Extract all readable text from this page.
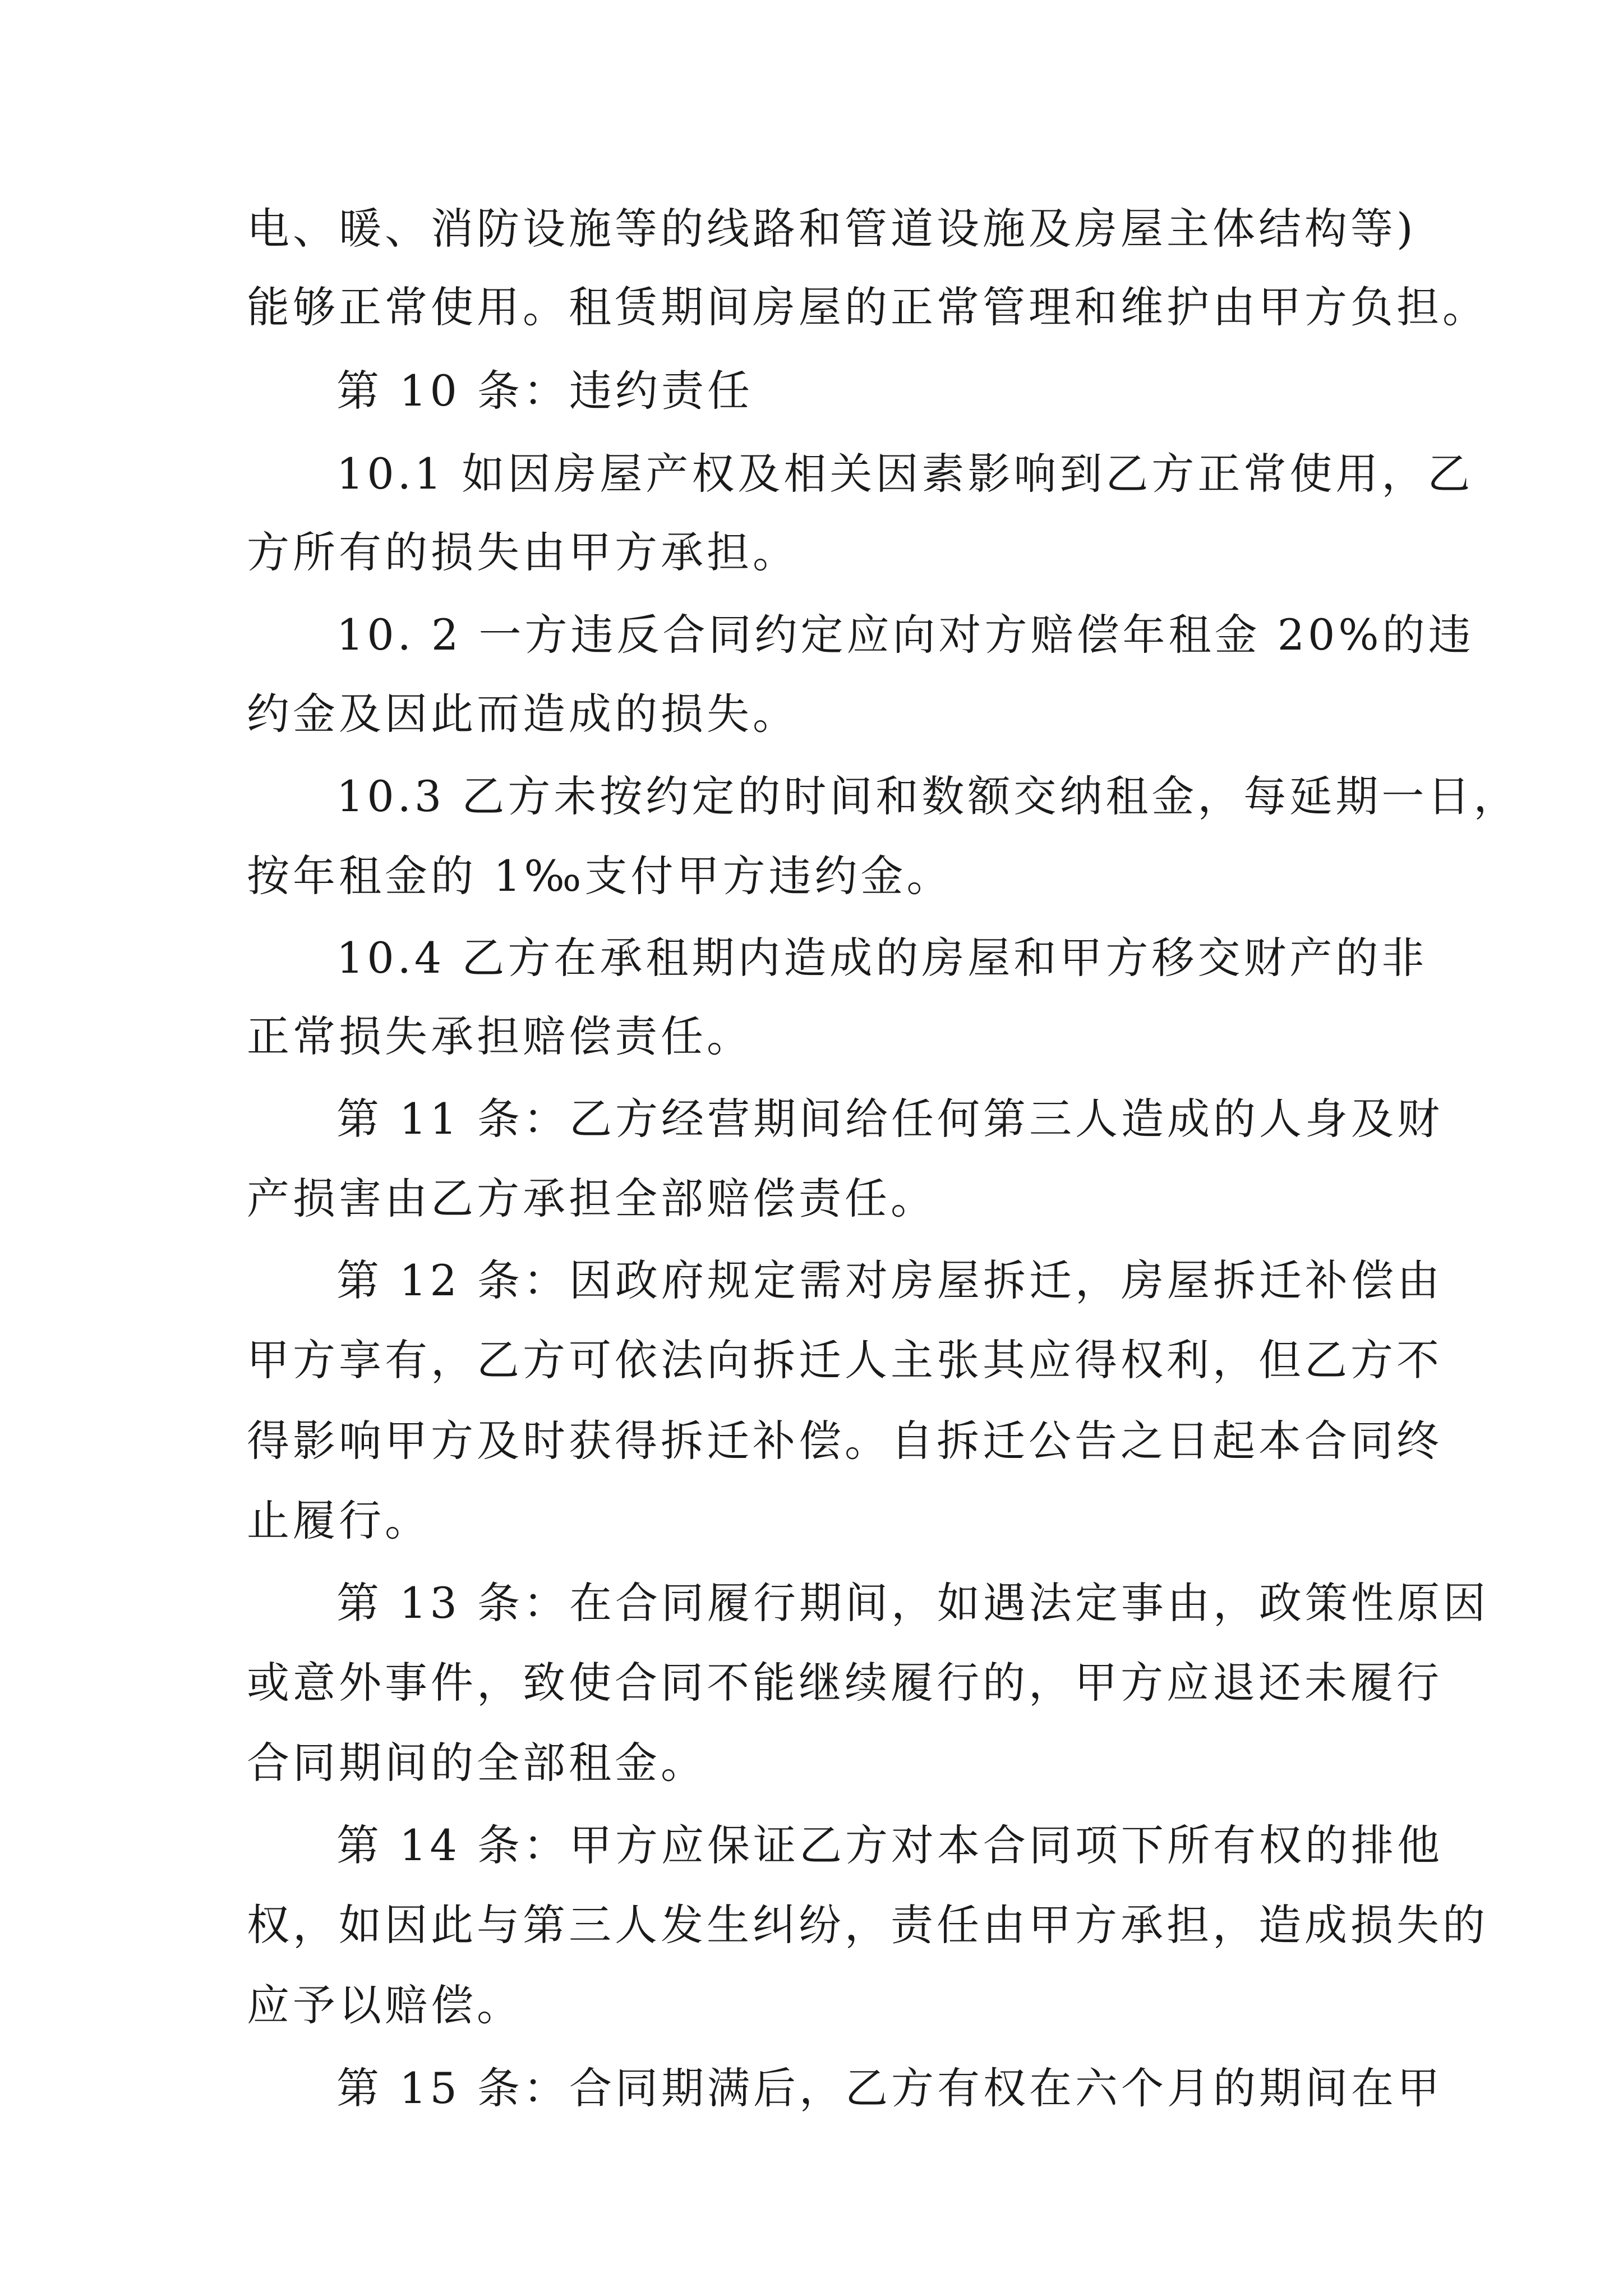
电、暖、消防设施等的线路和管道设施及房屋主体结构等)
能够正常使用。租赁期间房屋的正常管理和维护由甲方负担。
第 10 条：违约责任
10.1 如因房屋产权及相关因素影响到乙方正常使用，乙
方所有的损失由甲方承担。
10. 2 一方违反合同约定应向对方赔偿年租金 20%的违
约金及因此而造成的损失。
10.3 乙方未按约定的时间和数额交纳租金，每延期一日，
按年租金的 1‰支付甲方违约金。
10.4 乙方在承租期内造成的房屋和甲方移交财产的非
正常损失承担赔偿责任。
第 11 条：乙方经营期间给任何第三人造成的人身及财
产损害由乙方承担全部赔偿责任。
第 12 条：因政府规定需对房屋拆迁，房屋拆迁补偿由
甲方享有，乙方可依法向拆迁人主张其应得权利，但乙方不
得影响甲方及时获得拆迁补偿。自拆迁公告之日起本合同终
止履行。
第 13 条：在合同履行期间，如遇法定事由，政策性原因
或意外事件，致使合同不能继续履行的，甲方应退还未履行
合同期间的全部租金。
第 14 条：甲方应保证乙方对本合同项下所有权的排他
权，如因此与第三人发生纠纷，责任由甲方承担，造成损失的
应予以赔偿。
第 15 条：合同期满后，乙方有权在六个月的期间在甲
